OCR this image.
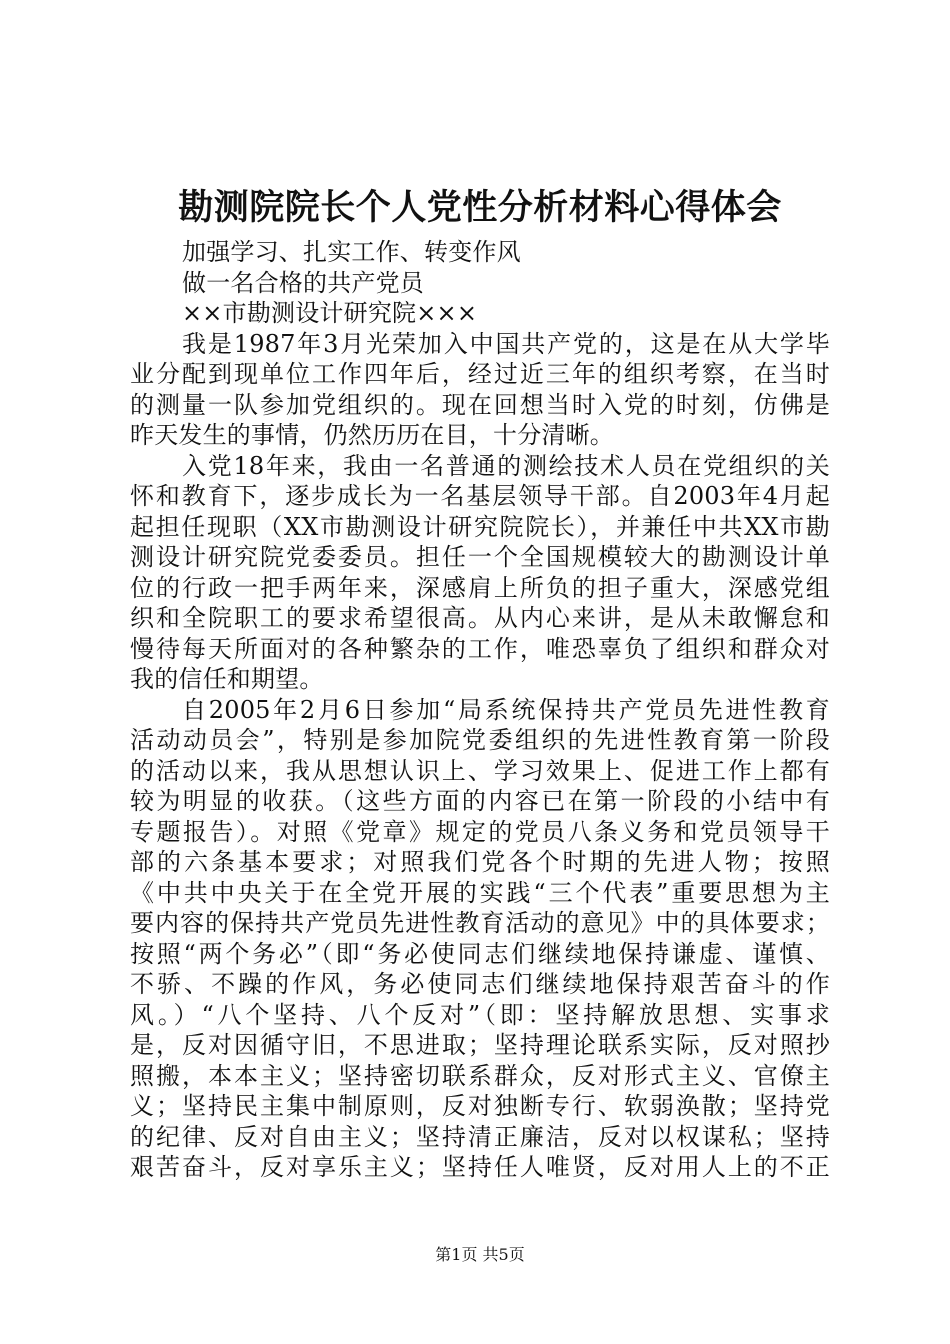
勘测院院长个人党性分析材料心得体会
加强学习、扎实工作、转变作风
做一名合格的共产党员
××市勘测设计研究院×××
我是1987年3月光荣加入中国共产党的，这是在从大学毕
业分配到现单位工作四年后，经过近三年的组织考察，在当时
的测量一队参加党组织的。现在回想当时入党的时刻，仿佛是
昨天发生的事情，仍然历历在目，十分清晰。
入党18年来，我由一名普通的测绘技术人员在党组织的关
怀和教育下，逐步成长为一名基层领导干部。自2003年4月起
起担任现职（XX市勘测设计研究院院长），并兼任中共XX市勘
测设计研究院党委委员。担任一个全国规模较大的勘测设计单
位的行政一把手两年来，深感肩上所负的担子重大，深感党组
织和全院职工的要求希望很高。从内心来讲，是从未敢懈怠和
慢待每天所面对的各种繁杂的工作，唯恐辜负了组织和群众对
我的信任和期望。
自2005年2月6日参加“局系统保持共产党员先进性教育
活动动员会”，特别是参加院党委组织的先进性教育第一阶段
的活动以来，我从思想认识上、学习效果上、促进工作上都有
较为明显的收获。（这些方面的内容已在第一阶段的小结中有
专题报告）。对照《党章》规定的党员八条义务和党员领导干
部的六条基本要求；对照我们党各个时期的先进人物；按照
《中共中央关于在全党开展的实践“三个代表”重要思想为主
要内容的保持共产党员先进性教育活动的意见》中的具体要求；
按照“两个务必”（即“务必使同志们继续地保持谦虚、谨慎、
不骄、不躁的作风，务必使同志们继续地保持艰苦奋斗的作
风。）“八个坚持、八个反对”（即：坚持解放思想、实事求
是，反对因循守旧，不思进取；坚持理论联系实际，反对照抄
照搬，本本主义；坚持密切联系群众，反对形式主义、官僚主
义；坚持民主集中制原则，反对独断专行、软弱涣散；坚持党
的纪律、反对自由主义；坚持清正廉洁，反对以权谋私；坚持
艰苦奋斗，反对享乐主义；坚持任人唯贤，反对用人上的不正
第1页 共5页
